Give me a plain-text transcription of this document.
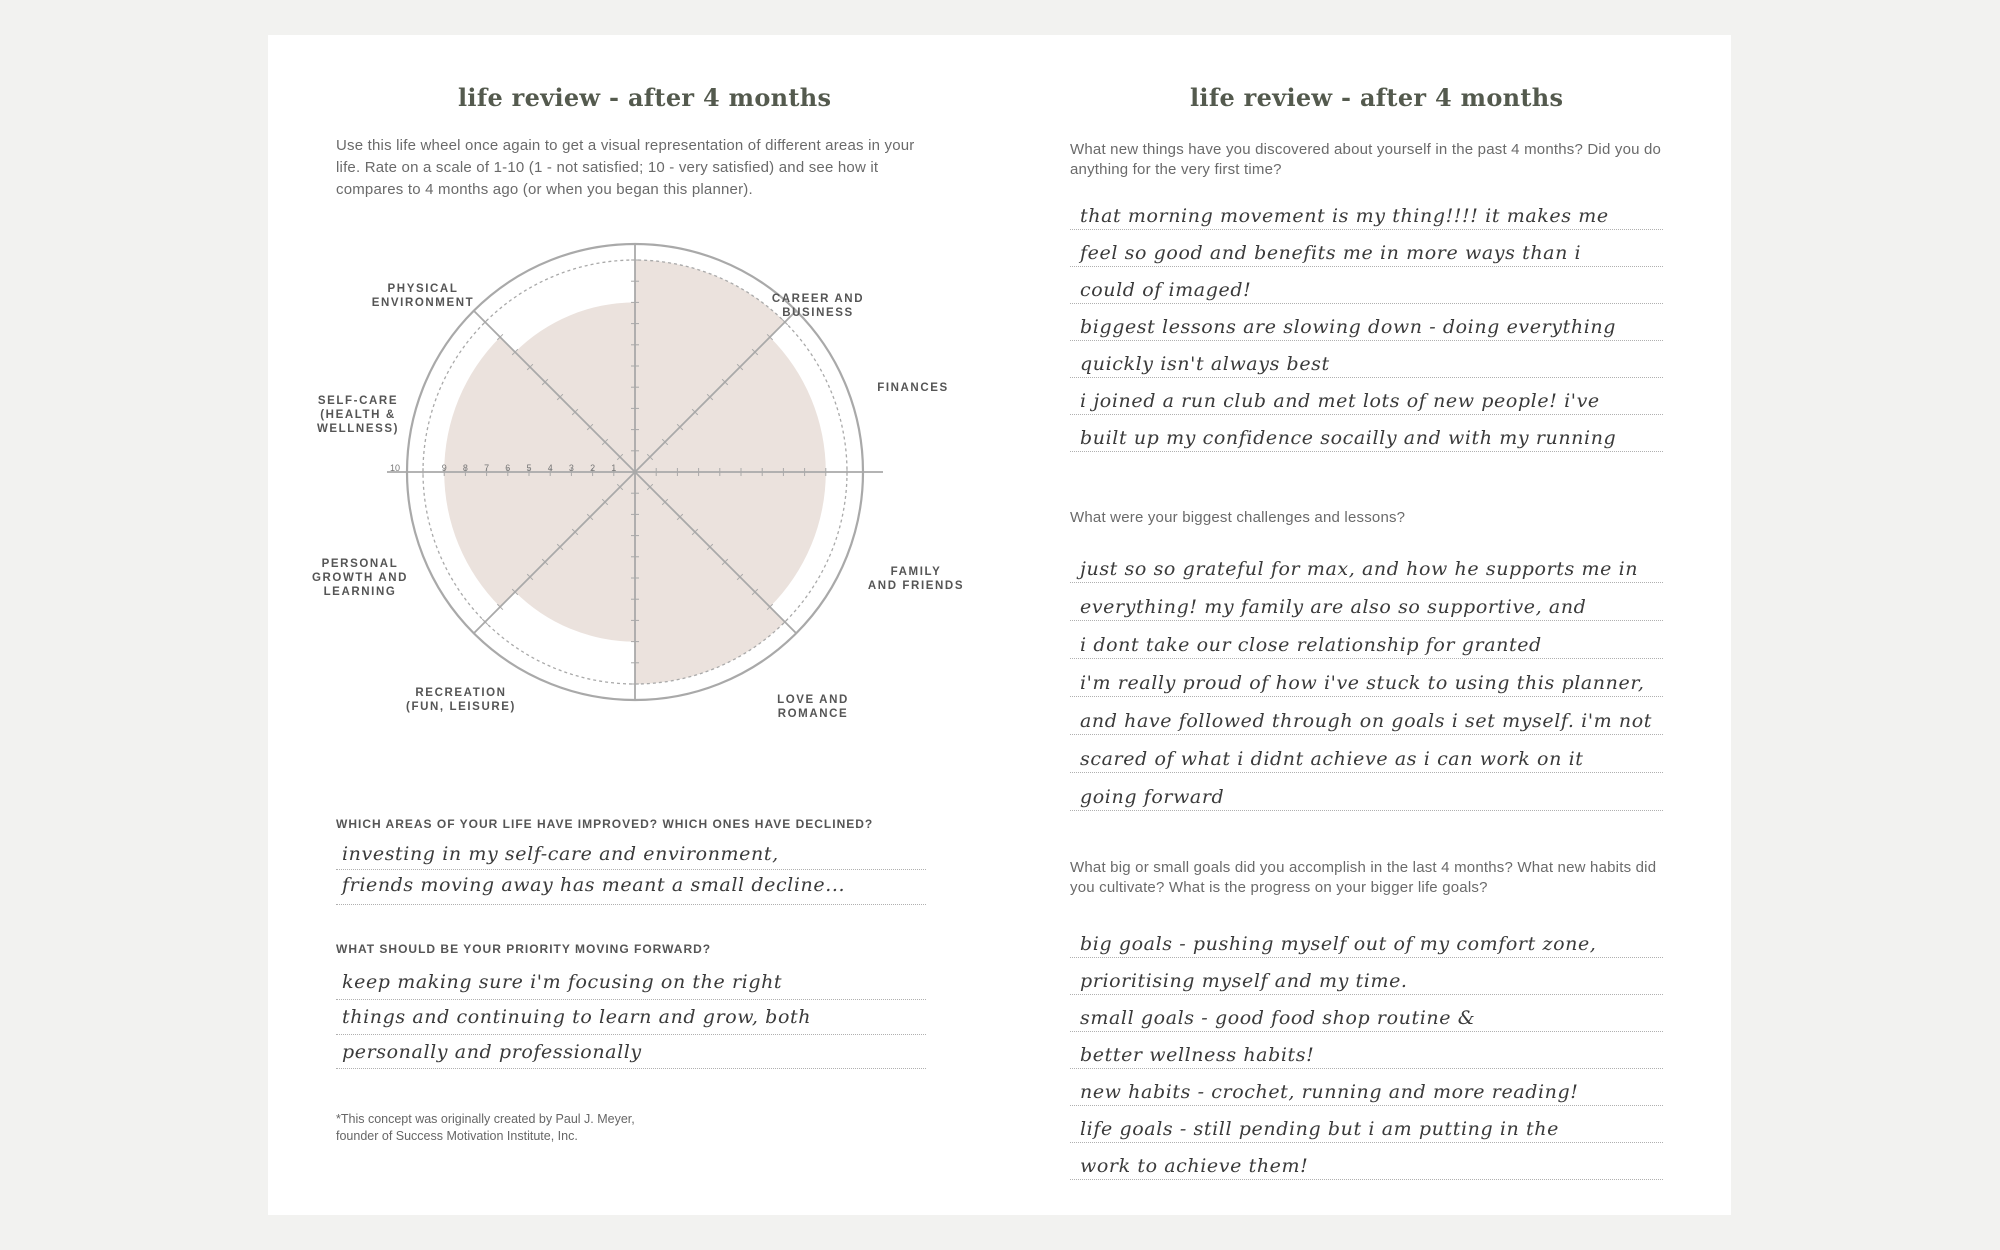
life review - after 4 months
Use this life wheel once again to get a visual representation of different areas in your life. Rate on a scale of 1-10 (1 - not satisfied; 10 - very satisfied) and see how it compares to 4 months ago (or when you began this planner).
10	9 8 7 6 5 4 3 2 1
PHYSICAL
ENVIRONMENT	CAREER AND
BUSINESS
FINANCES
FAMILY
AND FRIENDS
LOVE AND
ROMANCE
RECREATION
(FUN, LEISURE)
PERSONAL
GROWTH AND
LEARNING
SELF-CARE
(HEALTH &
WELLNESS)
WHICH AREAS OF YOUR LIFE HAVE IMPROVED? WHICH ONES HAVE DECLINED?
investing in my self-care and environment,
friends moving away has meant a small decline...
WHAT SHOULD BE YOUR PRIORITY MOVING FORWARD?
keep making sure i'm focusing on the right
things and continuing to learn and grow, both
personally and professionally
*This concept was originally created by Paul J. Meyer,
founder of Success Motivation Institute, Inc.
life review - after 4 months
What new things have you discovered about yourself in the past 4 months? Did you do anything for the very first time?
that morning movement is my thing!!!! it makes me
feel so good and benefits me in more ways than i
could of imaged!
biggest lessons are slowing down - doing everything
quickly isn't always best
i joined a run club and met lots of new people! i've
built up my confidence socailly and with my running
What were your biggest challenges and lessons?
just so so grateful for max, and how he supports me in
everything! my family are also so supportive, and
i dont take our close relationship for granted
i'm really proud of how i've stuck to using this planner,
and have followed through on goals i set myself. i'm not
scared of what i didnt achieve as i can work on it
going forward
What big or small goals did you accomplish in the last 4 months? What new habits did you cultivate? What is the progress on your bigger life goals?
big goals - pushing myself out of my comfort zone,
prioritising myself and my time.
small goals - good food shop routine &
better wellness habits!
new habits - crochet, running and more reading!
life goals - still pending but i am putting in the
work to achieve them!
